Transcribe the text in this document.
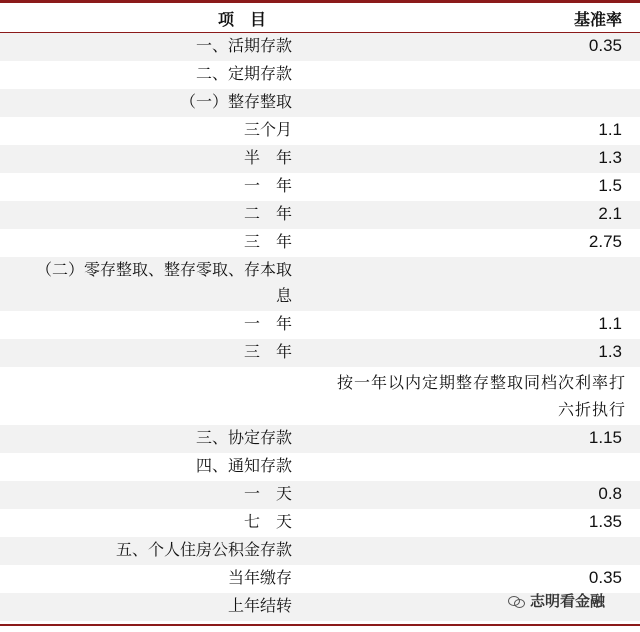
项　目	基准率
一、活期存款	0.35
二、定期存款
（一）整存整取
三个月	1.1
半　年	1.3
一　年	1.5
二　年	2.1
三　年	2.75
（二）零存整取、整存零取、存本取息
一　年	1.1
三　年	1.3
按一年以内定期整存整取同档次利率打六折执行
三、协定存款	1.15
四、通知存款
一　天	0.8
七　天	1.35
五、个人住房公积金存款
当年缴存	0.35
上年结转	志明看金融
